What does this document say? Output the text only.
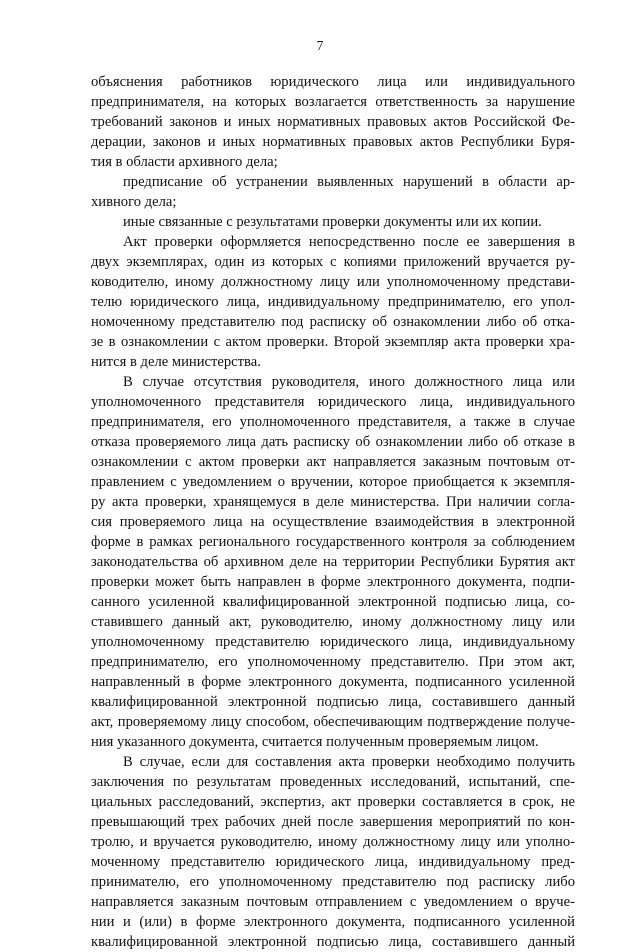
7
объяснения работников юридического лица или индивидуального
предпринимателя, на которых возлагается ответственность за нарушение
требований законов и иных нормативных правовых актов Российской Фе-
дерации, законов и иных нормативных правовых актов Республики Буря-
тия в области архивного дела;
предписание об устранении выявленных нарушений в области ар-
хивного дела;
иные связанные с результатами проверки документы или их копии.
Акт проверки оформляется непосредственно после ее завершения в
двух экземплярах, один из которых с копиями приложений вручается ру-
ководителю, иному должностному лицу или уполномоченному представи-
телю юридического лица, индивидуальному предпринимателю, его упол-
номоченному представителю под расписку об ознакомлении либо об отка-
зе в ознакомлении с актом проверки. Второй экземпляр акта проверки хра-
нится в деле министерства.
В случае отсутствия руководителя, иного должностного лица или
уполномоченного представителя юридического лица, индивидуального
предпринимателя, его уполномоченного представителя, а также в случае
отказа проверяемого лица дать расписку об ознакомлении либо об отказе в
ознакомлении с актом проверки акт направляется заказным почтовым от-
правлением с уведомлением о вручении, которое приобщается к экземпля-
ру акта проверки, хранящемуся в деле министерства. При наличии согла-
сия проверяемого лица на осуществление взаимодействия в электронной
форме в рамках регионального государственного контроля за соблюдением
законодательства об архивном деле на территории Республики Бурятия акт
проверки может быть направлен в форме электронного документа, подпи-
санного усиленной квалифицированной электронной подписью лица, со-
ставившего данный акт, руководителю, иному должностному лицу или
уполномоченному представителю юридического лица, индивидуальному
предпринимателю, его уполномоченному представителю. При этом акт,
направленный в форме электронного документа, подписанного усиленной
квалифицированной электронной подписью лица, составившего данный
акт, проверяемому лицу способом, обеспечивающим подтверждение получе-
ния указанного документа, считается полученным проверяемым лицом.
В случае, если для составления акта проверки необходимо получить
заключения по результатам проведенных исследований, испытаний, спе-
циальных расследований, экспертиз, акт проверки составляется в срок, не
превышающий трех рабочих дней после завершения мероприятий по кон-
тролю, и вручается руководителю, иному должностному лицу или уполно-
моченному представителю юридического лица, индивидуальному пред-
принимателю, его уполномоченному представителю под расписку либо
направляется заказным почтовым отправлением с уведомлением о вруче-
нии и (или) в форме электронного документа, подписанного усиленной
квалифицированной электронной подписью лица, составившего данный
